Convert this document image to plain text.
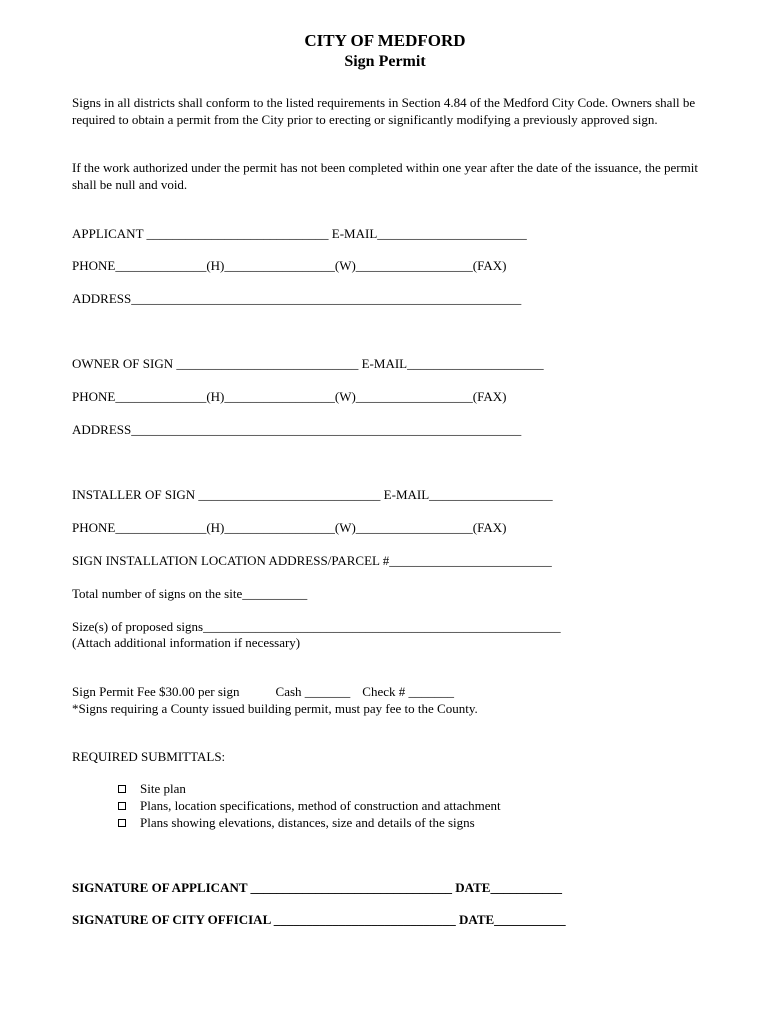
CITY OF MEDFORD
Sign Permit
Signs in all districts shall conform to the listed requirements in Section 4.84 of the Medford City Code. Owners shall be required to obtain a permit from the City prior to erecting or significantly modifying a previously approved sign.
If the work authorized under the permit has not been completed within one year after the date of the issuance, the permit shall be null and void.
APPLICANT ____________________________ E-MAIL_______________________
PHONE______________(H)_________________(W)__________________(FAX)
ADDRESS____________________________________________________________
OWNER OF SIGN ____________________________ E-MAIL_____________________
PHONE______________(H)_________________(W)__________________(FAX)
ADDRESS____________________________________________________________
INSTALLER OF SIGN ____________________________ E-MAIL___________________
PHONE______________(H)_________________(W)__________________(FAX)
SIGN INSTALLATION LOCATION ADDRESS/PARCEL #_________________________
Total number of signs on the site__________
Size(s) of proposed signs_______________________________________________________
(Attach additional information if necessary)
Sign Permit Fee $30.00 per sign	Cash _______ Check # _______
*Signs requiring a County issued building permit, must pay fee to the County.
REQUIRED SUBMITTALS:
Site plan
Plans, location specifications, method of construction and attachment
Plans showing elevations, distances, size and details of the signs
SIGNATURE OF APPLICANT _______________________________ DATE___________
SIGNATURE OF CITY OFFICIAL ____________________________ DATE___________
